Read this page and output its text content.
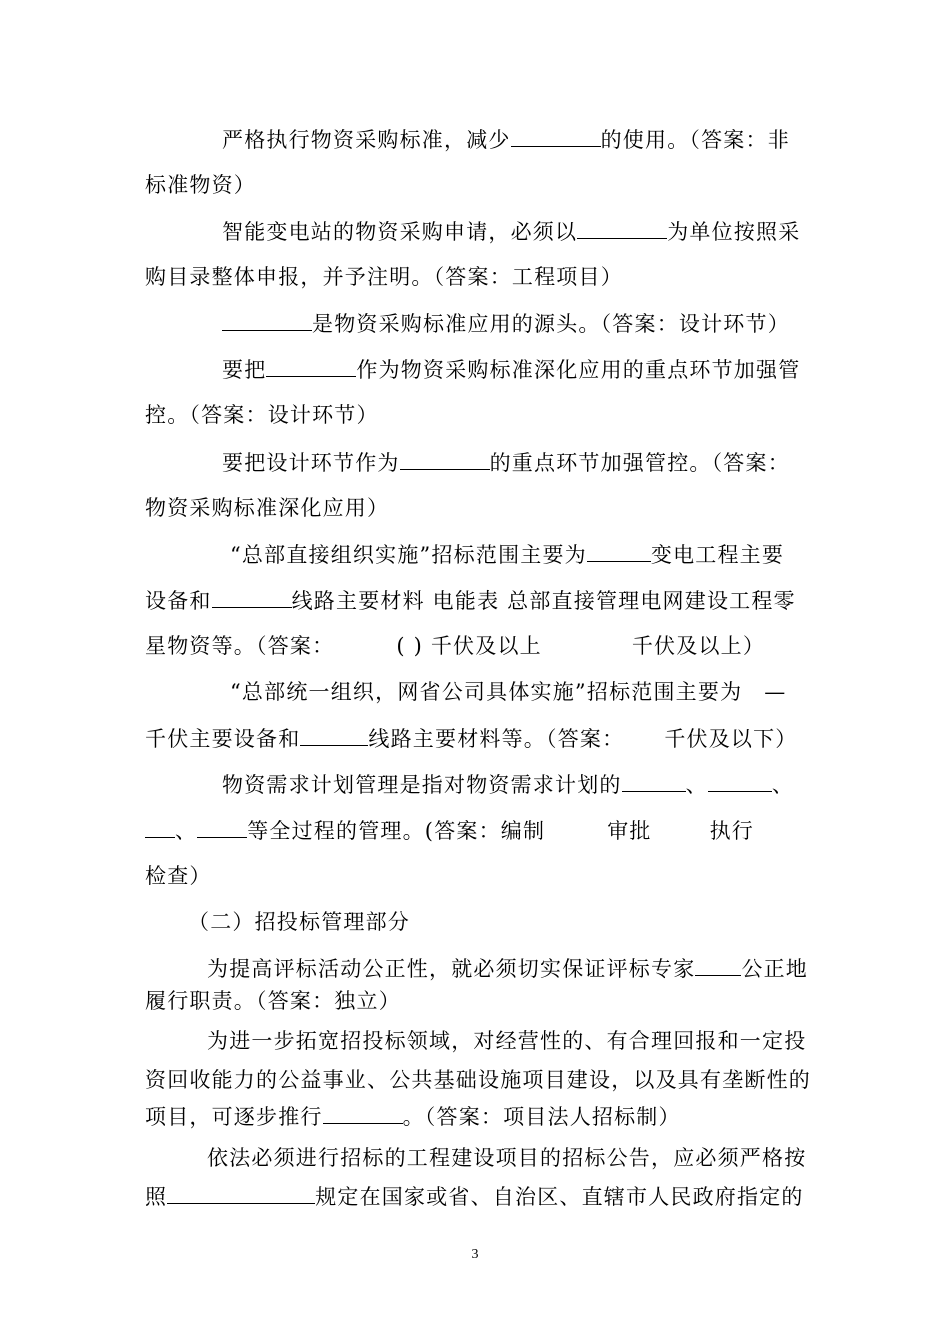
严格执行物资采购标准，减少	的使用。（答案：非
标准物资）
智能变电站的物资采购申请，必须以	为单位按照采
购目录整体申报，并予注明。（答案：工程项目）
是物资采购标准应用的源头。（答案：设计环节）
要把	作为物资采购标准深化应用的重点环节加强管
控。（答案：设计环节）
要把设计环节作为	的重点环节加强管控。（答案：
物资采购标准深化应用）
“总部直接组织实施”招标范围主要为	变电工程主要
设备和	线路主要材料 电能表 总部直接管理电网建设工程零
星物资等。（答案：	( ) 千伏及以上	千伏及以上）
“总部统一组织，网省公司具体实施”招标范围主要为 —
千伏主要设备和	线路主要材料等。（答案： 千伏及以下）
物资需求计划管理是指对物资需求计划的	、	、
、 等全过程的管理。(答案：编制	审批	执行
检查）
（二）招投标管理部分
为提高评标活动公正性，就必须切实保证评标专家 公正地
履行职责。（答案：独立）
为进一步拓宽招投标领域，对经营性的、有合理回报和一定投
资回收能力的公益事业、公共基础设施项目建设，以及具有垄断性的
项目，可逐步推行	。（答案：项目法人招标制）
依法必须进行招标的工程建设项目的招标公告，应必须严格按
照	规定在国家或省、自治区、直辖市人民政府指定的
3
